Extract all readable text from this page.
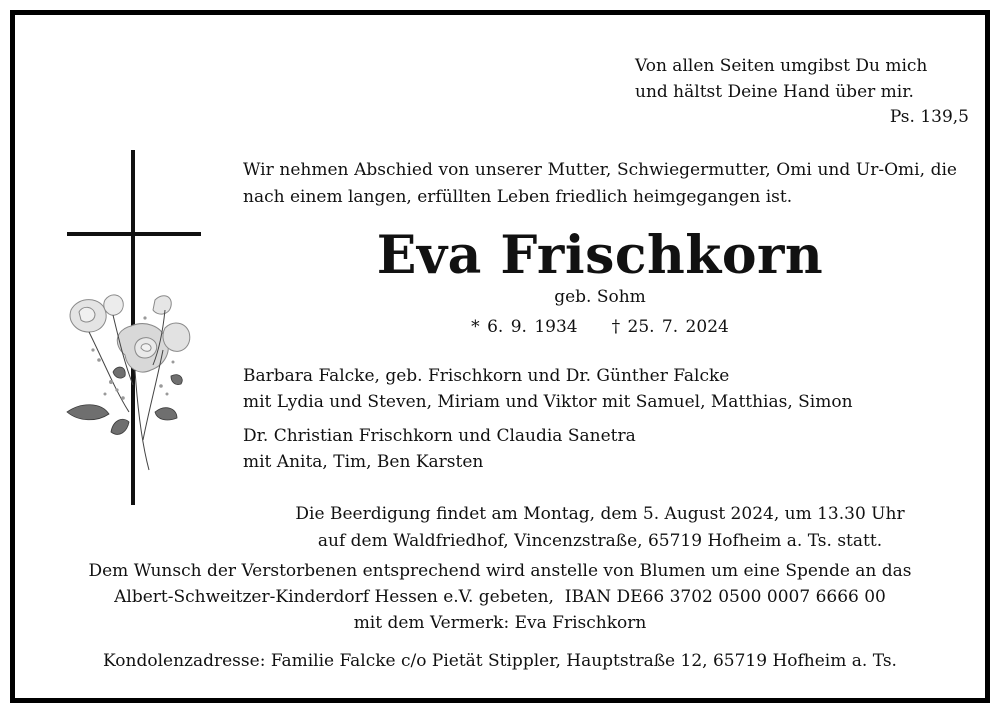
Von allen Seiten umgibst Du mich
und hältst Deine Hand über mir.
Ps. 139,5
Wir nehmen Abschied von unserer Mutter, Schwiegermutter, Omi und Ur-Omi, die nach einem langen, erfüllten Leben friedlich heimgegangen ist.
Eva Frischkorn
geb. Sohm
* 6. 9. 1934 † 25. 7. 2024
Barbara Falcke, geb. Frischkorn und Dr. Günther Falcke
mit Lydia und Steven, Miriam und Viktor mit Samuel, Matthias, Simon
Dr. Christian Frischkorn und Claudia Sanetra
mit Anita, Tim, Ben Karsten
Die Beerdigung findet am Montag, dem 5. August 2024, um 13.30 Uhr
auf dem Waldfriedhof, Vincenzstraße, 65719 Hofheim a. Ts. statt.
Dem Wunsch der Verstorbenen entsprechend wird anstelle von Blumen um eine Spende an das
Albert-Schweitzer-Kinderdorf Hessen e.V. gebeten,  IBAN DE66 3702 0500 0007 6666 00
mit dem Vermerk: Eva Frischkorn
Kondolenzadresse: Familie Falcke c/o Pietät Stippler, Hauptstraße 12, 65719 Hofheim a. Ts.
